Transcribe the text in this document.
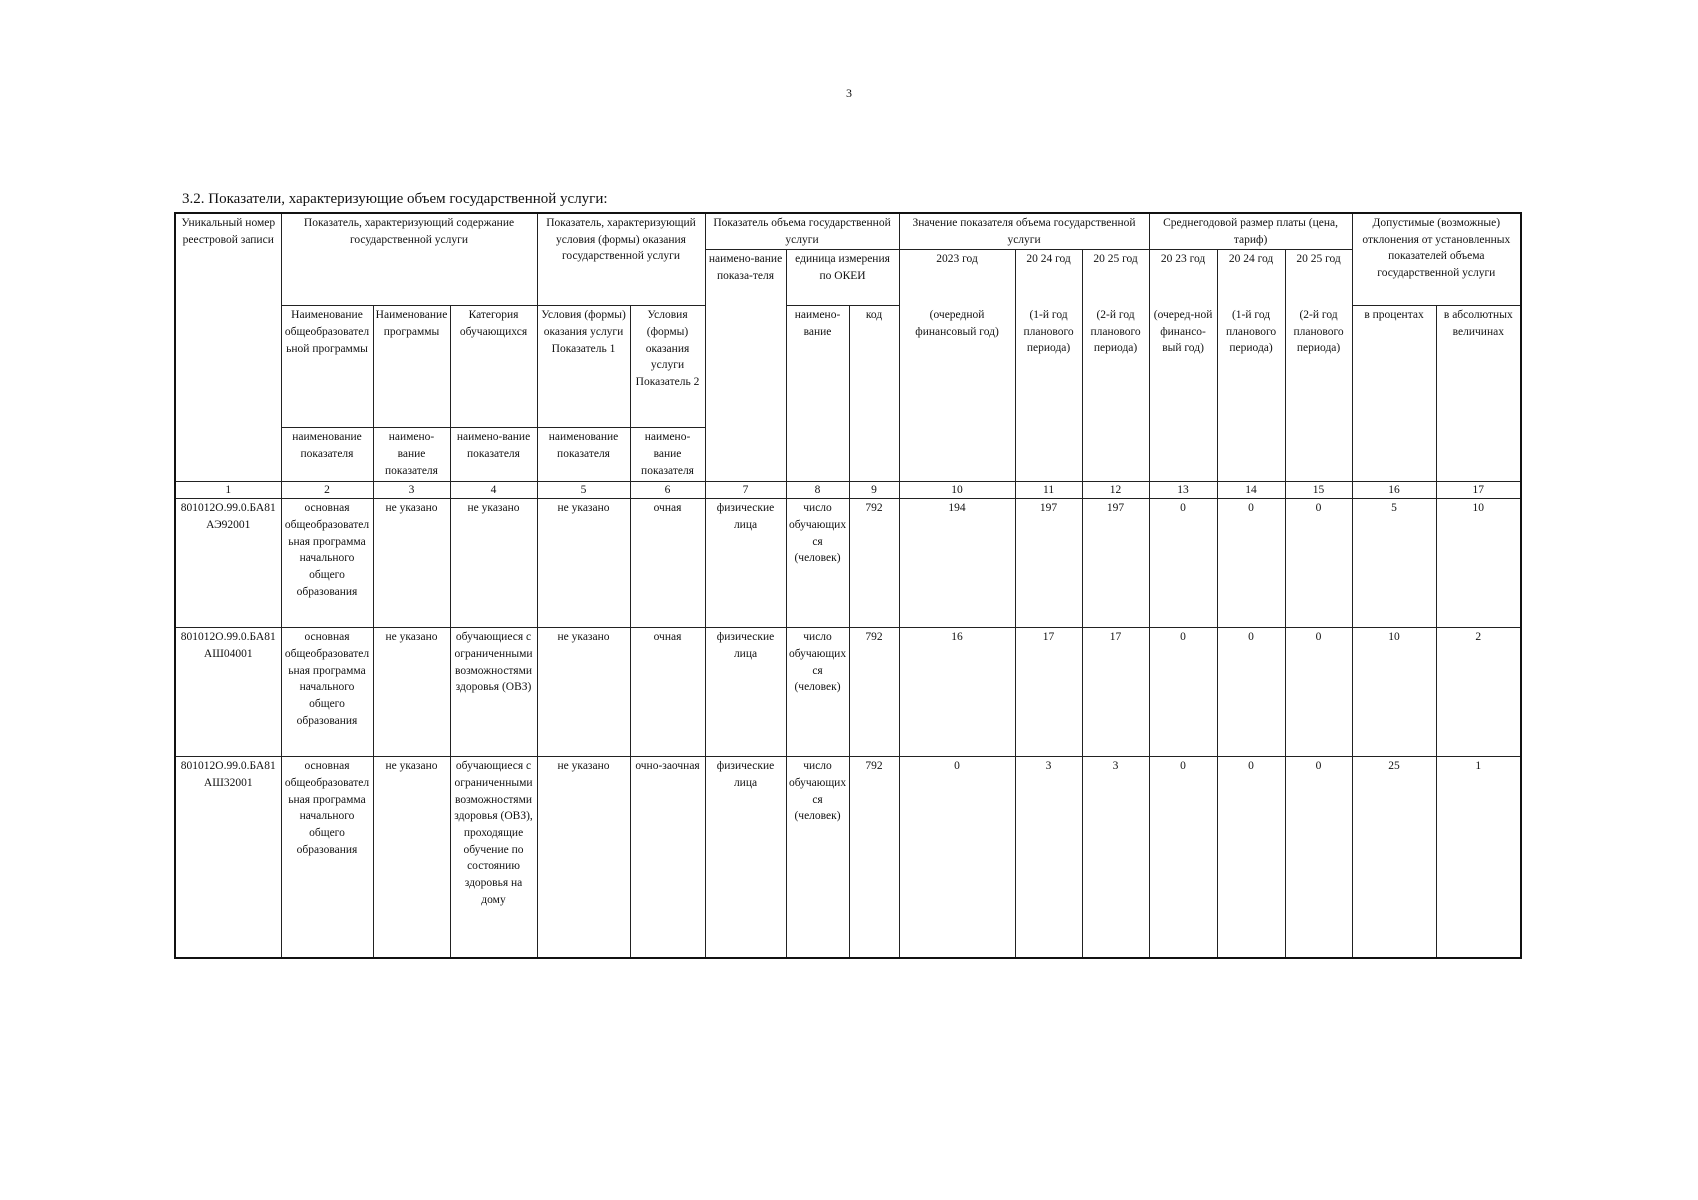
3
3.2. Показатели, характеризующие объем государственной услуги:
Уникальный номер реестровой записи	Показатель, характеризующий содержание государственной услуги			Показатель, характеризующий условия (формы) оказания государственной услуги		Показатель объема государственной услуги			Значение показателя объема государственной услуги			Среднегодовой размер платы (цена, тариф)			Допустимые (возможные) отклонения от установленных показателей объема государственной услуги	
						наимено-вание показа-теля	единица измерения по ОКЕИ		2023 год	20 24 год	20 25 год	20 23 год	20 24 год	20 25 год		
	Наименование общеобразовательной программы	Наименование программы	Категория обучающихся	Условия (формы) оказания услуги Показатель 1	Условия (формы) оказания услуги Показатель 2		наимено-вание	код	(очередной финансовый год)	(1-й год планового периода)	(2-й год планового периода)	(очеред-ной финансо-вый год)	(1-й год планового периода)	(2-й год планового периода)	в процентах	в абсолютных величинах

	наименование показателя	наимено-вание показателя	наимено-вание показателя	наименование показателя	наимено-вание показателя											
1	2	3	4	5	6	7	8	9	10	11	12	13	14	15	16	17
801012О.99.0.БА81АЭ92001	основная общеобразовательная программа начального общего образования	не указано	не указано	не указано	очная	физические лица	число обучающихся (человек)	792	194	197	197	0	0	0	5	10
801012О.99.0.БА81АШ04001	основная общеобразовательная программа начального общего образования	не указано	обучающиеся с ограниченными возможностями здоровья (ОВЗ)	не указано	очная	физические лица	число обучающихся (человек)	792	16	17	17	0	0	0	10	2
801012О.99.0.БА81АШ32001	основная общеобразовательная программа начального общего образования	не указано	обучающиеся с ограниченными возможностями здоровья (ОВЗ), проходящие обучение по состоянию здоровья на дому	не указано	очно-заочная	физические лица	число обучающихся (человек)	792	0	3	3	0	0	0	25	1
